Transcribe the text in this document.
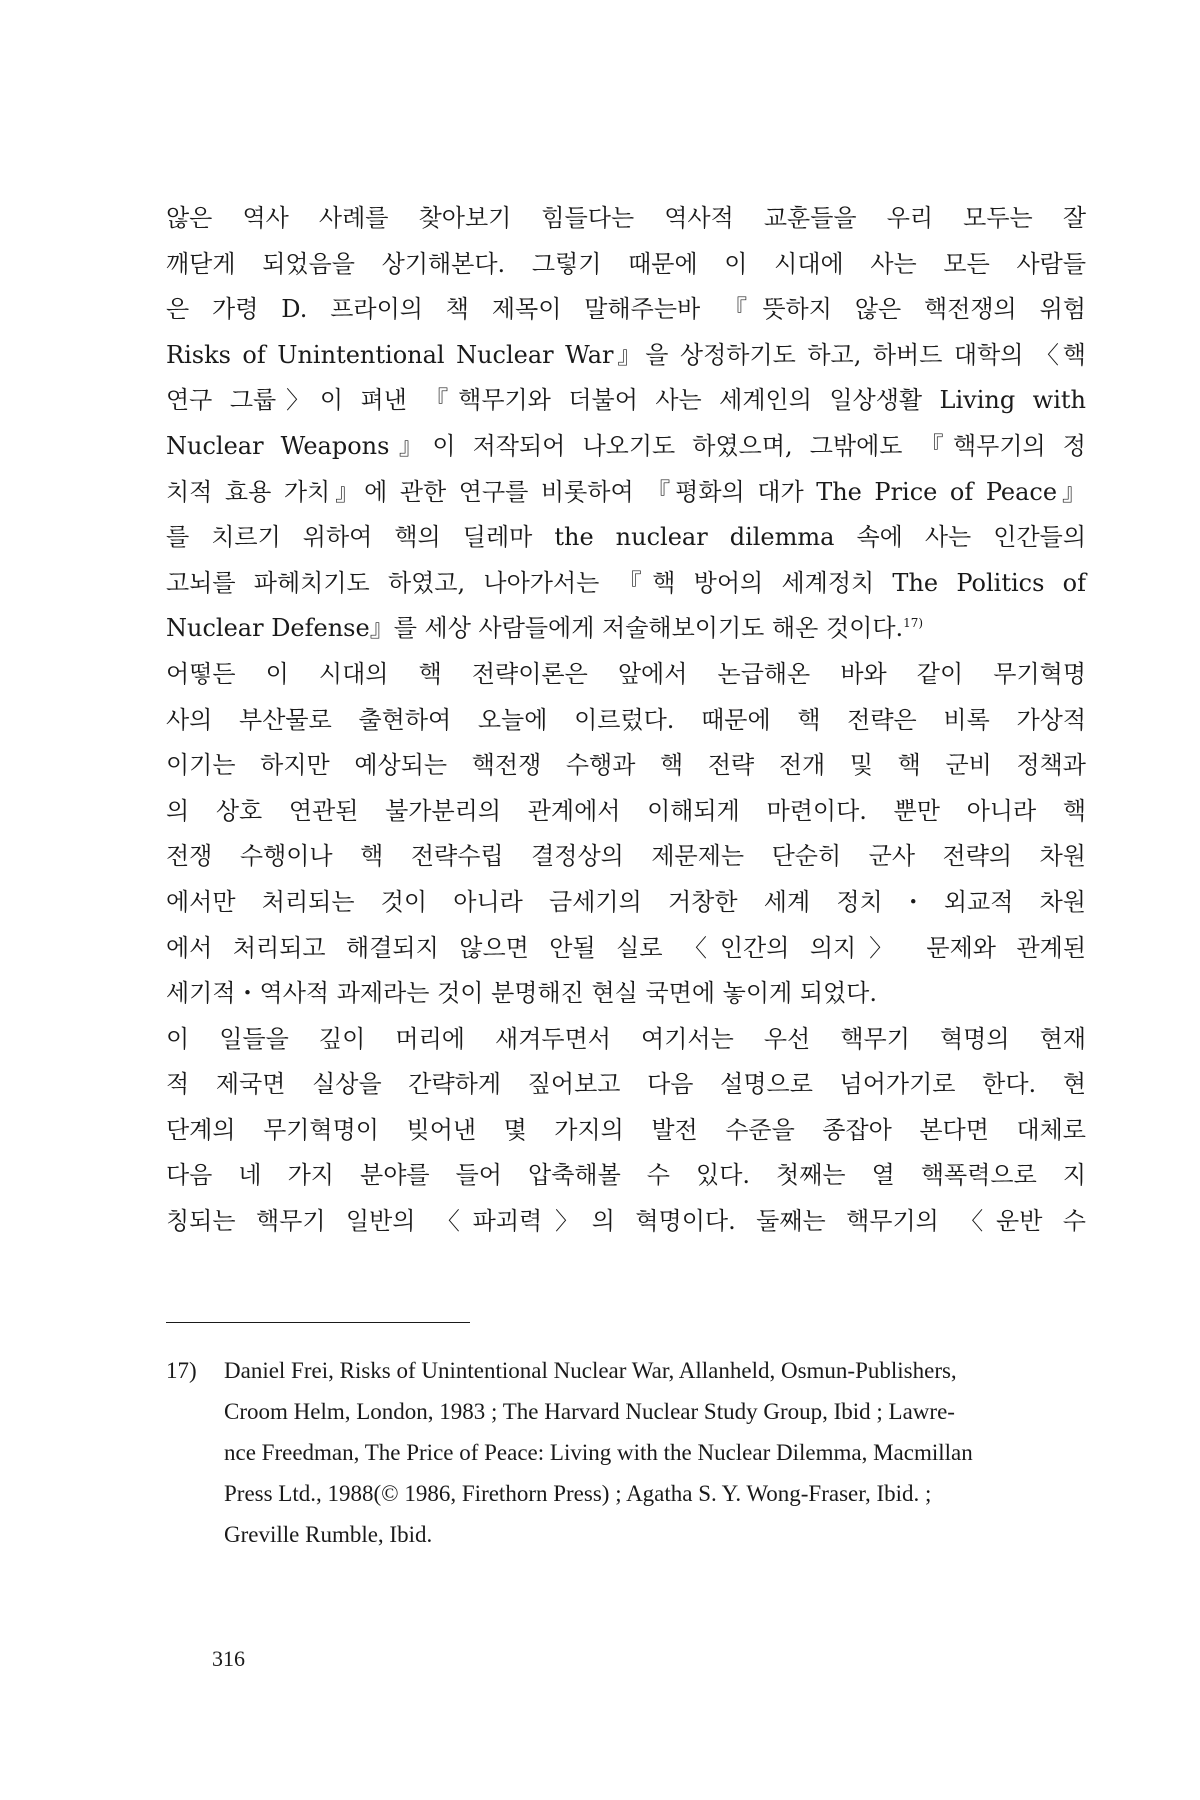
않은 역사 사례를 찾아보기 힘들다는 역사적 교훈들을 우리 모두는 잘
깨닫게 되었음을 상기해본다. 그렇기 때문에 이 시대에 사는 모든 사람들
은 가령 D. 프라이의 책 제목이 말해주는바 『뜻하지 않은 핵전쟁의 위험
Risks of Unintentional Nuclear War』을 상정하기도 하고, 하버드 대학의 〈핵
연구 그룹〉이 펴낸 『핵무기와 더불어 사는 세계인의 일상생활 Living with
Nuclear Weapons』이 저작되어 나오기도 하였으며, 그밖에도 『핵무기의 정
치적 효용 가치』에 관한 연구를 비롯하여 『평화의 대가 The Price of Peace』
를 치르기 위하여 핵의 딜레마 the nuclear dilemma 속에 사는 인간들의
고뇌를 파헤치기도 하였고, 나아가서는 『핵 방어의 세계정치 The Politics of
Nuclear Defense』를 세상 사람들에게 저술해보이기도 해온 것이다.$^{17)}$
어떻든 이 시대의 핵 전략이론은 앞에서 논급해온 바와 같이 무기혁명
사의 부산물로 출현하여 오늘에 이르렀다. 때문에 핵 전략은 비록 가상적
이기는 하지만 예상되는 핵전쟁 수행과 핵 전략 전개 및 핵 군비 정책과
의 상호 연관된 불가분리의 관계에서 이해되게 마련이다. 뿐만 아니라 핵
전쟁 수행이나 핵 전략수립 결정상의 제문제는 단순히 군사 전략의 차원
에서만 처리되는 것이 아니라 금세기의 거창한 세계 정치・외교적 차원
에서 처리되고 해결되지 않으면 안될 실로 〈인간의 의지〉 문제와 관계된
세기적・역사적 과제라는 것이 분명해진 현실 국면에 놓이게 되었다.
이 일들을 깊이 머리에 새겨두면서 여기서는 우선 핵무기 혁명의 현재
적 제국면 실상을 간략하게 짚어보고 다음 설명으로 넘어가기로 한다. 현
단계의 무기혁명이 빚어낸 몇 가지의 발전 수준을 종잡아 본다면 대체로
다음 네 가지 분야를 들어 압축해볼 수 있다. 첫째는 열 핵폭력으로 지
칭되는 핵무기 일반의 〈파괴력〉의 혁명이다. 둘째는 핵무기의 〈운반 수
17) Daniel Frei, Risks of Unintentional Nuclear War, Allanheld, Osmun-Publishers,
Croom Helm, London, 1983 ; The Harvard Nuclear Study Group, Ibid ; Lawre-
nce Freedman, The Price of Peace: Living with the Nuclear Dilemma, Macmillan
Press Ltd., 1988(© 1986, Firethorn Press) ; Agatha S. Y. Wong-Fraser, Ibid. ;
Greville Rumble, Ibid.
316
